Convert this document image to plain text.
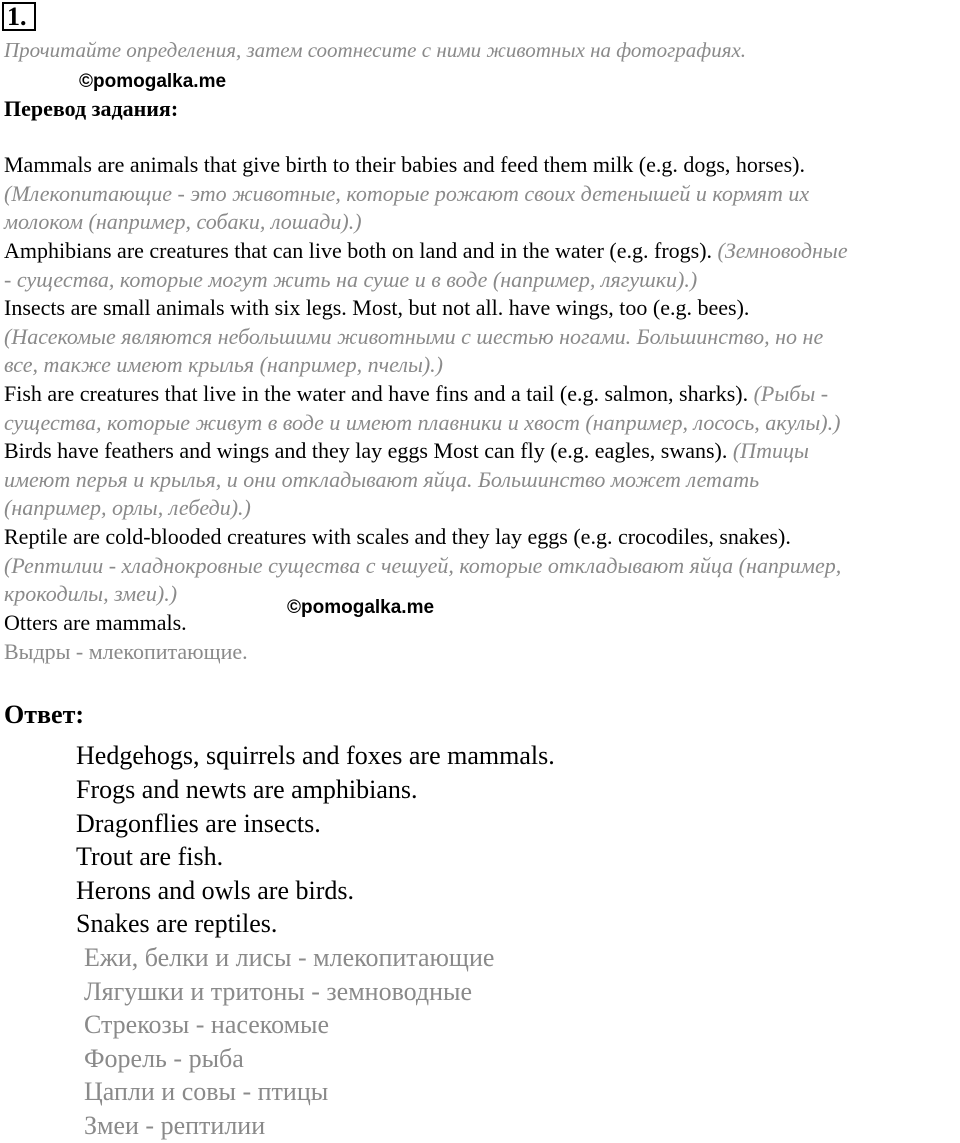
1.
Прочитайте определения, затем соотнесите с ними животных на фотографиях.
©pomogalka.me
Перевод задания:
Mammals are animals that give birth to their babies and feed them milk (e.g. dogs, horses).
(Млекопитающие - это животные, которые рожают своих детенышей и кормят их
молоком (например, собаки, лошади).)
Amphibians are creatures that can live both on land and in the water (e.g. frogs). (Земноводные
- существа, которые могут жить на суше и в воде (например, лягушки).)
Insects are small animals with six legs. Most, but not all. have wings, too (e.g. bees).
(Насекомые являются небольшими животными с шестью ногами. Большинство, но не
все, также имеют крылья (например, пчелы).)
Fish are creatures that live in the water and have fins and a tail (e.g. salmon, sharks). (Рыбы -
существа, которые живут в воде и имеют плавники и хвост (например, лосось, акулы).)
Birds have feathers and wings and they lay eggs Most can fly (e.g. eagles, swans). (Птицы
имеют перья и крылья, и они откладывают яйца. Большинство может летать
(например, орлы, лебеди).)
Reptile are cold-blooded creatures with scales and they lay eggs (e.g. crocodiles, snakes).
(Рептилии - хладнокровные существа с чешуей, которые откладывают яйца (например,
крокодилы, змеи).)
©pomogalka.me
Otters are mammals.
Выдры - млекопитающие.
Ответ:
Hedgehogs, squirrels and foxes are mammals.
Frogs and newts are amphibians.
Dragonflies are insects.
Trout are fish.
Herons and owls are birds.
Snakes are reptiles.
Ежи, белки и лисы - млекопитающие
Лягушки и тритоны - земноводные
Стрекозы - насекомые
Форель - рыба
Цапли и совы - птицы
Змеи - рептилии
